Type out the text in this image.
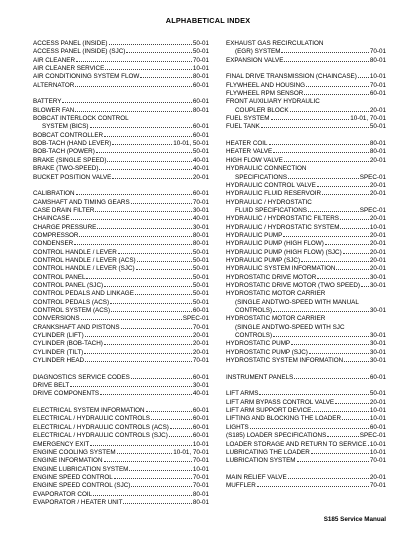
ALPHABETICAL INDEX
ACCESS PANEL (INSIDE)	50-01
ACCESS PANEL (INSIDE) (SJC)	50-01
AIR CLEANER	70-01
AIR CLEANER SERVICE	10-01
AIR CONDITIONING SYSTEM FLOW	80-01
ALTERNATOR	60-01
BATTERY	60-01
BLOWER FAN	80-01
BOBCAT INTERLOCK CONTROL
SYSTEM (BICS)	60-01
BOBCAT CONTROLLER	60-01
BOB-TACH (HAND LEVER)	10-01, 50-01
BOB-TACH (POWER)	50-01
BRAKE (SINGLE SPEED)	40-01
BRAKE (TWO-SPEED)	40-01
BUCKET POSITION VALVE	20-01
CALIBRATION	60-01
CAMSHAFT AND TIMING GEARS	70-01
CASE DRAIN FILTER	30-01
CHAINCASE	40-01
CHARGE PRESSURE	30-01
COMPRESSOR	80-01
CONDENSER	80-01
CONTROL HANDLE / LEVER	50-01
CONTROL HANDLE / LEVER (ACS)	50-01
CONTROL HANDLE / LEVER (SJC)	50-01
CONTROL PANEL	50-01
CONTROL PANEL (SJC)	50-01
CONTROL PEDALS AND LINKAGE	50-01
CONTROL PEDALS (ACS)	50-01
CONTROL SYSTEM (ACS)	60-01
CONVERSIONS	SPEC-01
CRANKSHAFT AND PISTONS	70-01
CYLINDER (LIFT)	20-01
CYLINDER (BOB-TACH)	20-01
CYLINDER (TILT)	20-01
CYLINDER HEAD	70-01
DIAGNOSTICS SERVICE CODES	60-01
DRIVE BELT	30-01
DRIVE COMPONENTS	40-01
ELECTRICAL SYSTEM INFORMATION	60-01
ELECTRICAL / HYDRAULIC CONTROLS	60-01
ELECTRICAL / HYDRAULIC CONTROLS (ACS)	60-01
ELECTRICAL / HYDRAULIC CONTROLS (SJC)	60-01
EMERGENCY EXIT	10-01
ENGINE COOLING SYSTEM	10-01, 70-01
ENGINE INFORMATION	70-01
ENGINE LUBRICATION SYSTEM	10-01
ENGINE SPEED CONTROL	70-01
ENGINE SPEED CONTROL (SJC)	70-01
EVAPORATOR COIL	80-01
EVAPORATOR / HEATER UNIT	80-01
EXHAUST GAS RECIRCULATION
(EGR) SYSTEM	70-01
EXPANSION VALVE	80-01
FINAL DRIVE TRANSMISSION (CHAINCASE) 10-01
FLYWHEEL AND HOUSING	70-01
FLYWHEEL RPM SENSOR	60-01
FRONT AUXILIARY HYDRAULIC
COUPLER BLOCK	20-01
FUEL SYSTEM	10-01, 70-01
FUEL TANK	50-01
HEATER COIL	80-01
HEATER VALVE	80-01
HIGH FLOW VALVE	20-01
HYDRAULIC CONNECTION
SPECIFICATIONS	SPEC-01
HYDRAULIC CONTROL VALVE	20-01
HYDRAULIC FLUID RESERVOIR	20-01
HYDRAULIC / HYDROSTATIC
FLUID SPECIFICATIONS	SPEC-01
HYDRAULIC / HYDROSTATIC FILTERS	20-01
HYDRAULIC / HYDROSTATIC SYSTEM	10-01
HYDRAULIC PUMP	20-01
HYDRAULIC PUMP (HIGH FLOW)	20-01
HYDRAULIC PUMP (HIGH FLOW) (SJC)	20-01
HYDRAULIC PUMP (SJC)	20-01
HYDRAULIC SYSTEM INFORMATION	20-01
HYDROSTATIC DRIVE MOTOR	30-01
HYDROSTATIC DRIVE MOTOR (TWO SPEED) 30-01
HYDROSTATIC MOTOR CARRIER
(SINGLE ANDTWO-SPEED WITH MANUAL
CONTROLS)	30-01
HYDROSTATIC MOTOR CARRIER
(SINGLE ANDTWO-SPEED WITH SJC
CONTROLS)	30-01
HYDROSTATIC PUMP	30-01
HYDROSTATIC PUMP (SJC)	30-01
HYDROSTATIC SYSTEM INFORMATION	30-01
INSTRUMENT PANELS	60-01
LIFT ARMS	50-01
LIFT ARM BYPASS CONTROL VALVE	20-01
LIFT ARM SUPPORT DEVICE	10-01
LIFTING AND BLOCKING THE LOADER	10-01
LIGHTS	60-01
(S185) LOADER SPECIFICATIONS	SPEC-01
LOADER STORAGE AND RETURN TO SERVICE 10-01
LUBRICATING THE LOADER	10-01
LUBRICATION SYSTEM	70-01
MAIN RELIEF VALVE	20-01
MUFFLER	70-01
S185 Service Manual
